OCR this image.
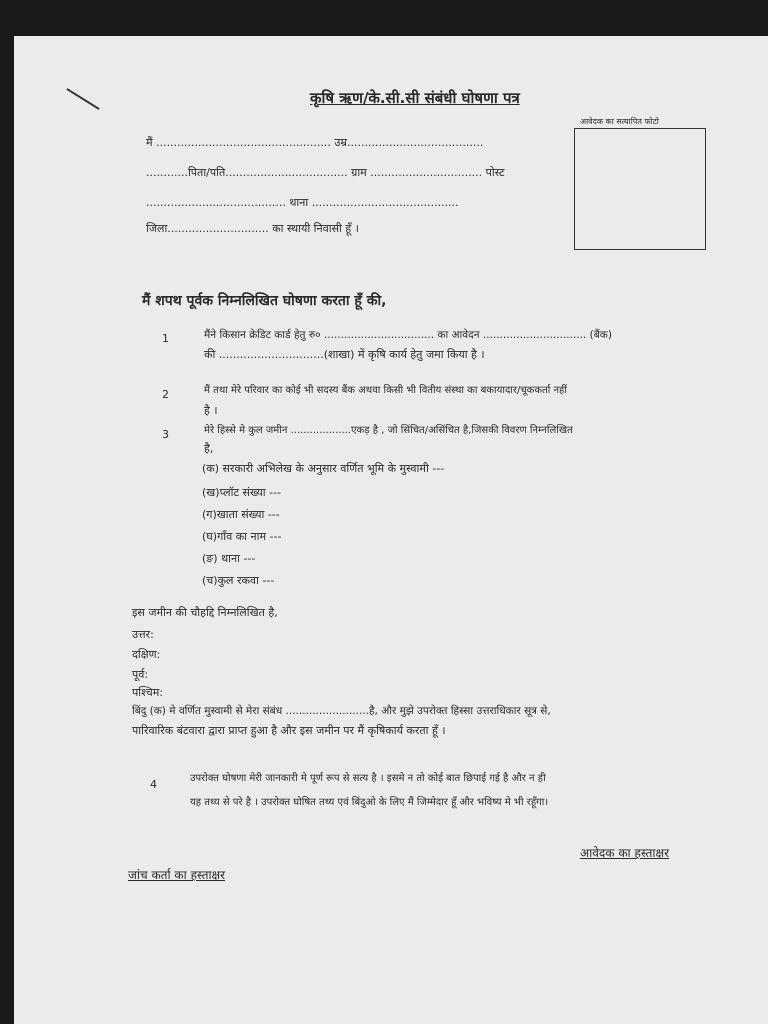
कृषि ऋण/के.सी.सी संबंधी घोषणा पत्र
आवेदक का सत्यापित फोटो
मैं .................................................. उम्र.......................................
............पिता/पति................................... ग्राम ................................ पोस्ट
........................................ थाना ..........................................
जिला............................. का स्थायी निवासी हूँ ।
मैं शपथ पूर्वक निम्नलिखित घोषणा करता हूँ की,
1	मैंने किसान क्रेडिट कार्ड हेतु रु० ................................. का आवेदन ............................... (बैंक)
की ..............................(शाखा) में कृषि कार्य हेतु जमा किया है ।
2	मैं तथा मेरे परिवार का कोई भी सदस्य बैंक अथवा किसी भी वितीय संस्था का बकायादार/चूककर्ता नहीं
है ।
3	मेरे हिस्से मे कुल जमीन ...................एकड़ है , जो सिंचित/असिंचित है,जिसकी विवरण निम्नलिखित
है,
(क) सरकारी अभिलेख के अनुसार वर्णित भूमि के मुस्वामी ---
(ख)प्लॉट संख्या ---
(ग)खाता संख्या ---
(घ)गाँव का नाम ---
(ङ) थाना ---
(च)कुल रकवा ---
इस जमीन की चौहद्दि निम्नलिखित है,
उत्तर:
दक्षिण:
पूर्व:
पश्चिम:
बिंदु (क) मे वर्णित मुस्वामी से मेरा संबंध .........................है, और मुझे उपरोक्त हिस्सा उत्तराधिकार सूत्र से,
पारिवारिक बंटवारा द्वारा प्राप्त हुआ है और इस जमीन पर मैं कृषिकार्य करता हूँ ।
4	उपरोक्त घोषणा मेरी जानकारी मे पूर्ण रूप से सत्य है । इसमे न तो कोई बात छिपाई गई है और न ही
यह तथ्य से परे है । उपरोक्त घोषित तथ्य एवं बिंदुओ के लिए मैं जिम्मेदार हूँ और भविष्य मे भी रहूँगा।
आवेदक का हस्ताक्षर
जांच कर्ता का हस्ताक्षर
